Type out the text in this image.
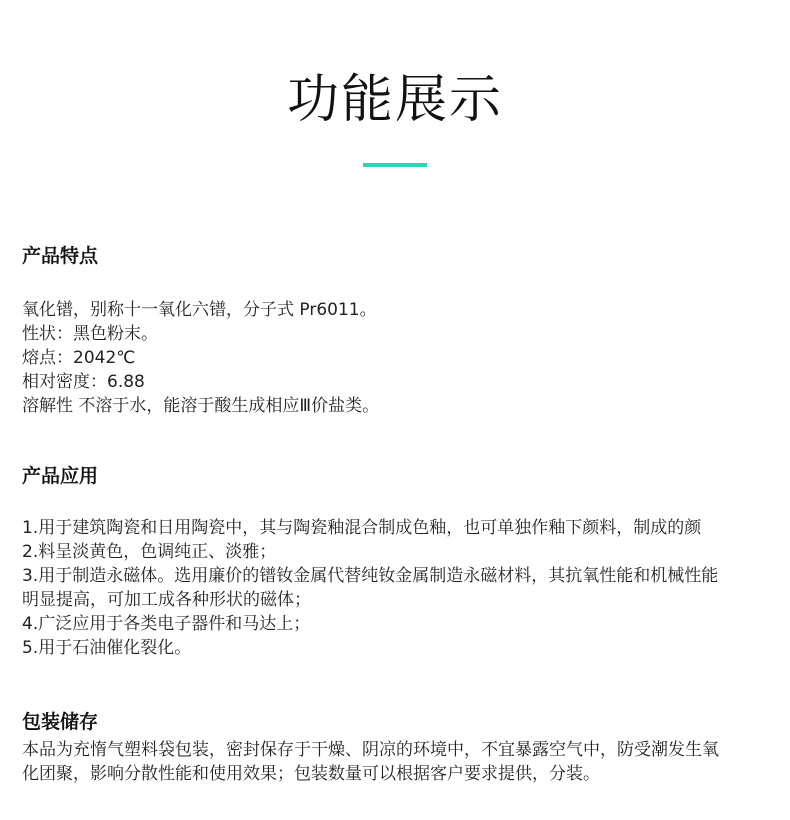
功能展示
产品特点
氧化镨，别称十一氧化六镨，分子式 Pr6011。
性状：黑色粉末。
熔点：2042℃
相对密度：6.88
溶解性 不溶于水，能溶于酸生成相应Ⅲ价盐类。
产品应用
1.用于建筑陶瓷和日用陶瓷中，其与陶瓷釉混合制成色釉，也可单独作釉下颜料，制成的颜
2.料呈淡黄色，色调纯正、淡雅；
3.用于制造永磁体。选用廉价的镨钕金属代替纯钕金属制造永磁材料，其抗氧性能和机械性能
明显提高，可加工成各种形状的磁体；
4.广泛应用于各类电子器件和马达上；
5.用于石油催化裂化。
包装储存
本品为充惰气塑料袋包装，密封保存于干燥、阴凉的环境中，不宜暴露空气中，防受潮发生氧
化团聚，影响分散性能和使用效果；包装数量可以根据客户要求提供，分装。
